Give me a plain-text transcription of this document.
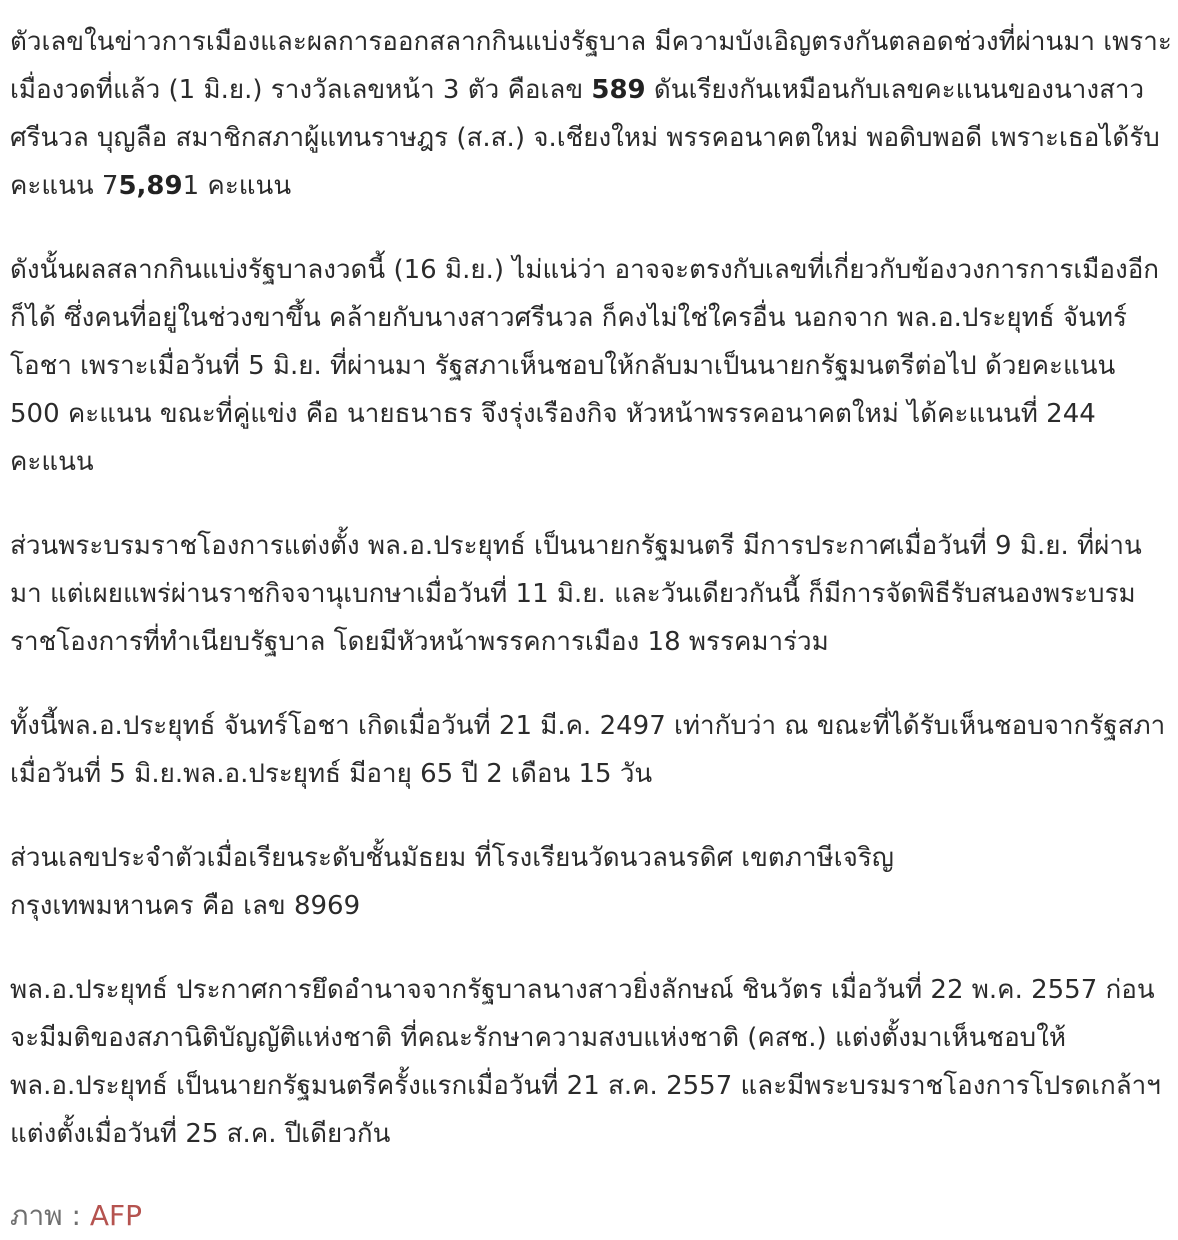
ตัวเลขในข่าวการเมืองและผลการออกสลากกินแบ่งรัฐบาล มีความบังเอิญตรงกันตลอดช่วงที่ผ่านมา เพราะเมื่องวดที่แล้ว (1 มิ.ย.) รางวัลเลขหน้า 3 ตัว คือเลข 589 ดันเรียงกันเหมือนกับเลขคะแนนของนางสาวศรีนวล บุญลือ สมาชิกสภาผู้แทนราษฎร (ส.ส.) จ.เชียงใหม่ พรรคอนาคตใหม่ พอดิบพอดี เพราะเธอได้รับคะแนน 75,891 คะแนน

ดังนั้นผลสลากกินแบ่งรัฐบาลงวดนี้ (16 มิ.ย.) ไม่แน่ว่า อาจจะตรงกับเลขที่เกี่ยวกับข้องวงการการเมืองอีกก็ได้ ซึ่งคนที่อยู่ในช่วงขาขึ้น คล้ายกับนางสาวศรีนวล ก็คงไม่ใช่ใครอื่น นอกจาก พล.อ.ประยุทธ์ จันทร์โอชา เพราะเมื่อวันที่ 5 มิ.ย. ที่ผ่านมา รัฐสภาเห็นชอบให้กลับมาเป็นนายกรัฐมนตรีต่อไป ด้วยคะแนน 500 คะแนน ขณะที่คู่แข่ง คือ นายธนาธร จึงรุ่งเรืองกิจ หัวหน้าพรรคอนาคตใหม่ ได้คะแนนที่ 244 คะแนน

ส่วนพระบรมราชโองการแต่งตั้ง พล.อ.ประยุทธ์ เป็นนายกรัฐมนตรี มีการประกาศเมื่อวันที่ 9 มิ.ย. ที่ผ่านมา แต่เผยแพร่ผ่านราชกิจจานุเบกษาเมื่อวันที่ 11 มิ.ย. และวันเดียวกันนี้ ก็มีการจัดพิธีรับสนองพระบรมราชโองการที่ทำเนียบรัฐบาล โดยมีหัวหน้าพรรคการเมือง 18 พรรคมาร่วม

ทั้งนี้พล.อ.ประยุทธ์ จันทร์โอชา เกิดเมื่อวันที่ 21 มี.ค. 2497 เท่ากับว่า ณ ขณะที่ได้รับเห็นชอบจากรัฐสภาเมื่อวันที่ 5 มิ.ย.พล.อ.ประยุทธ์ มีอายุ 65 ปี 2 เดือน 15 วัน

ส่วนเลขประจำตัวเมื่อเรียนระดับชั้นมัธยม ที่โรงเรียนวัดนวลนรดิศ เขตภาษีเจริญ
กรุงเทพมหานคร คือ เลข 8969

พล.อ.ประยุทธ์ ประกาศการยึดอำนาจจากรัฐบาลนางสาวยิ่งลักษณ์ ชินวัตร เมื่อวันที่ 22 พ.ค. 2557 ก่อนจะมีมติของสภานิติบัญญัติแห่งชาติ ที่คณะรักษาความสงบแห่งชาติ (คสช.) แต่งตั้งมาเห็นชอบให้ พล.อ.ประยุทธ์ เป็นนายกรัฐมนตรีครั้งแรกเมื่อวันที่ 21 ส.ค. 2557 และมีพระบรมราชโองการโปรดเกล้าฯ แต่งตั้งเมื่อวันที่ 25 ส.ค. ปีเดียวกัน

ภาพ : AFP
